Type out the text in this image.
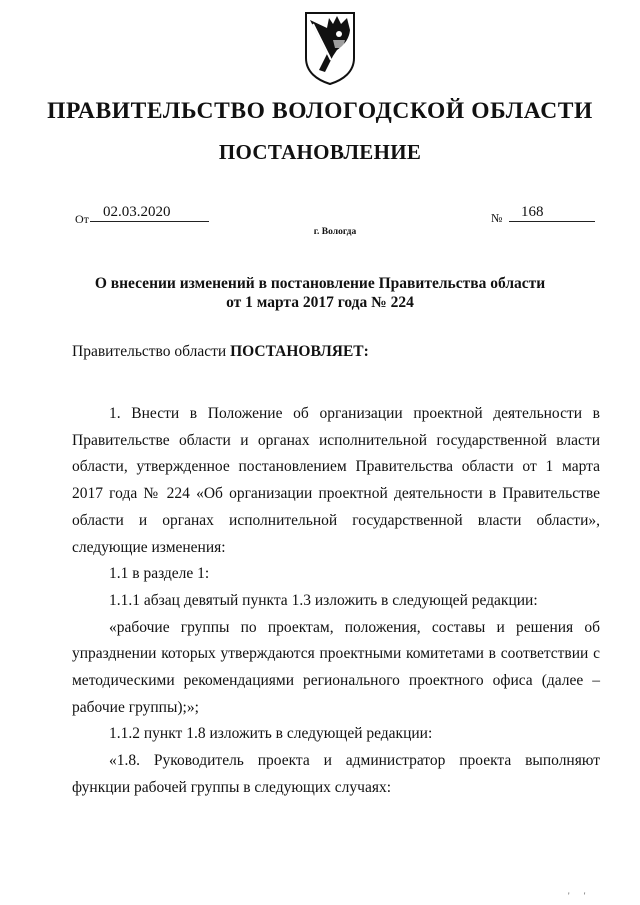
ПРАВИТЕЛЬСТВО ВОЛОГОДСКОЙ ОБЛАСТИ
ПОСТАНОВЛЕНИЕ
От 02.03.2020	№	168
г. Вологда
О внесении изменений в постановление Правительства области
от 1 марта 2017 года № 224
Правительство области ПОСТАНОВЛЯЕТ:

1. Внести в Положение об организации проектной деятельности в Правительстве области и органах исполнительной государственной власти области, утвержденное постановлением Правительства области от 1 марта 2017 года № 224 «Об организации проектной деятельности в Правительстве области и органах исполнительной государственной власти области», следующие изменения:

1.1 в разделе 1:

1.1.1 абзац девятый пункта 1.3 изложить в следующей редакции:

«рабочие группы по проектам, положения, составы и решения об упразднении которых утверждаются проектными комитетами в соответствии с методическими рекомендациями регионального проектного офиса (далее – рабочие группы);»;

1.1.2 пункт 1.8 изложить в следующей редакции:

«1.8. Руководитель проекта и администратор проекта выполняют функции рабочей группы в следующих случаях:

' '
